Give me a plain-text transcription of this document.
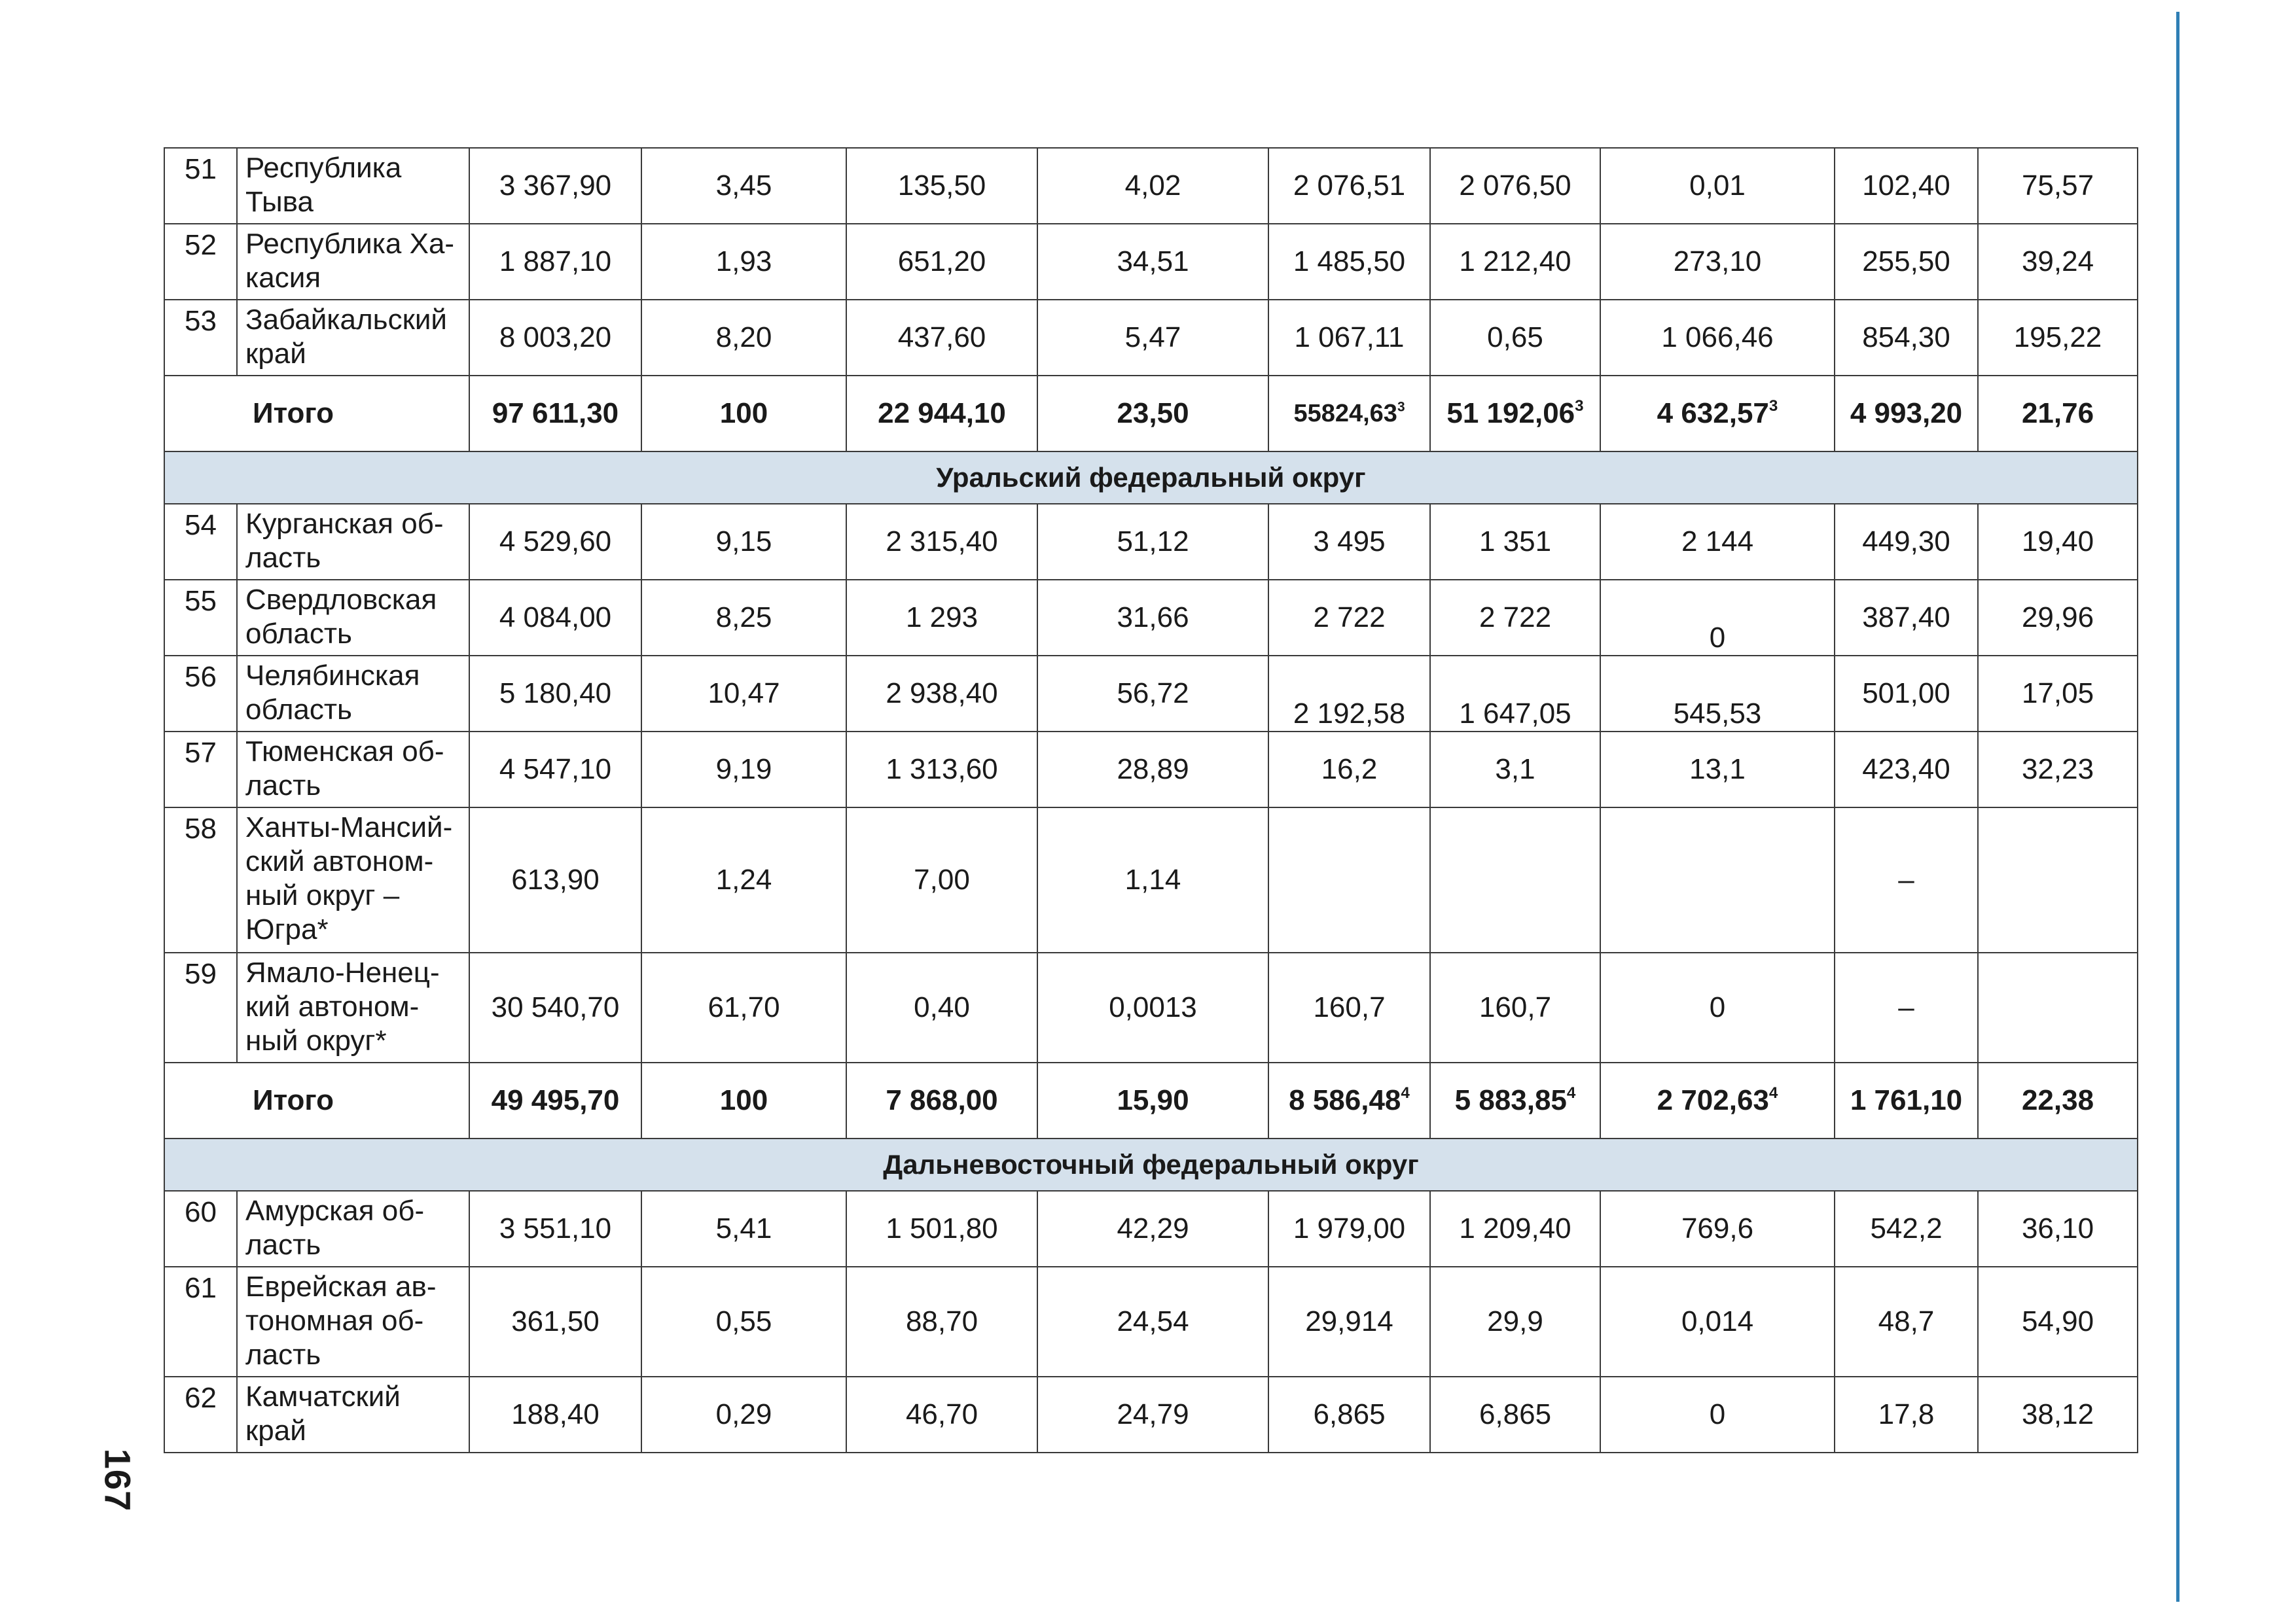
167
51	Республика Тыва	3 367,90	3,45	135,50	4,02	2 076,51	2 076,50	0,01	102,40	75,57
52	Республика Ха-касия	1 887,10	1,93	651,20	34,51	1 485,50	1 212,40	273,10	255,50	39,24
53	Забайкальский край	8 003,20	8,20	437,60	5,47	1 067,11	0,65	1 066,46	854,30	195,22
Итого		97 611,30	100	22 944,10	23,50	55824,63$^3$	51 192,06$^3$	4 632,57$^3$	4 993,20	21,76
Уральский федеральный округ										
54	Курганская об-ласть	4 529,60	9,15	2 315,40	51,12	3 495	1 351	2 144	449,30	19,40
55	Свердловская область	4 084,00	8,25	1 293	31,66	2 722	2 722	0	387,40	29,96
56	Челябинская область	5 180,40	10,47	2 938,40	56,72	2 192,58	1 647,05	545,53	501,00	17,05
57	Тюменская об-ласть	4 547,10	9,19	1 313,60	28,89	16,2	3,1	13,1	423,40	32,23
58	Ханты-Мансий-ский автоном-ный округ – Югра*	613,90	1,24	7,00	1,14				–	
59	Ямало-Ненец-кий автоном-ный округ*	30 540,70	61,70	0,40	0,0013	160,7	160,7	0	–	
Итого		49 495,70	100	7 868,00	15,90	8 586,48$^4$	5 883,85$^4$	2 702,63$^4$	1 761,10	22,38
Дальневосточный федеральный округ										
60	Амурская об-ласть	3 551,10	5,41	1 501,80	42,29	1 979,00	1 209,40	769,6	542,2	36,10
61	Еврейская ав-тономная об-ласть	361,50	0,55	88,70	24,54	29,914	29,9	0,014	48,7	54,90
62	Камчатский край	188,40	0,29	46,70	24,79	6,865	6,865	0	17,8	38,12
